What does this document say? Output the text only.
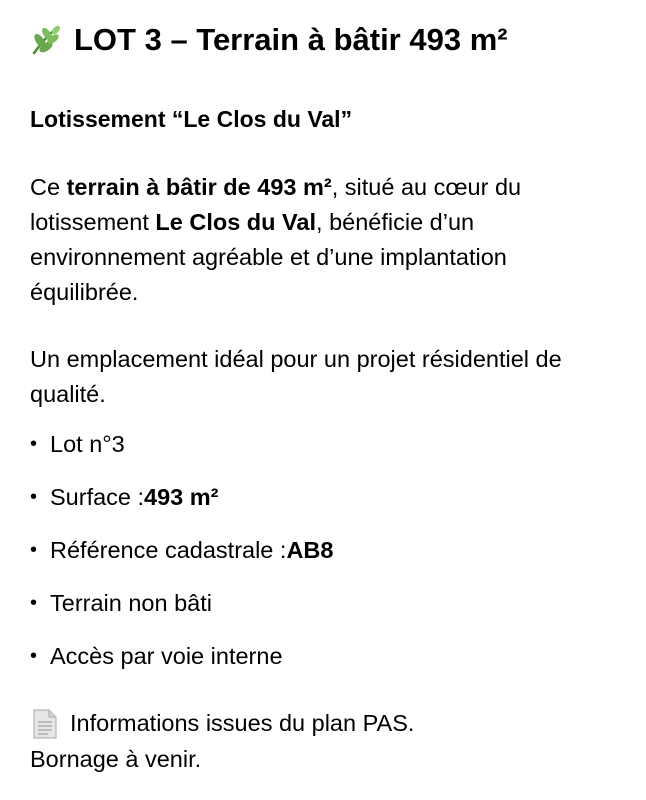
LOT 3 – Terrain à bâtir 493 m²
Lotissement “Le Clos du Val”
Ce terrain à bâtir de 493 m², situé au cœur du lotissement Le Clos du Val, bénéficie d’un environnement agréable et d’une implantation équilibrée.
Un emplacement idéal pour un projet résidentiel de qualité.
• Lot n°3
• Surface : 493 m²
• Référence cadastrale : AB8
• Terrain non bâti
• Accès par voie interne
Informations issues du plan PAS.
Bornage à venir.
